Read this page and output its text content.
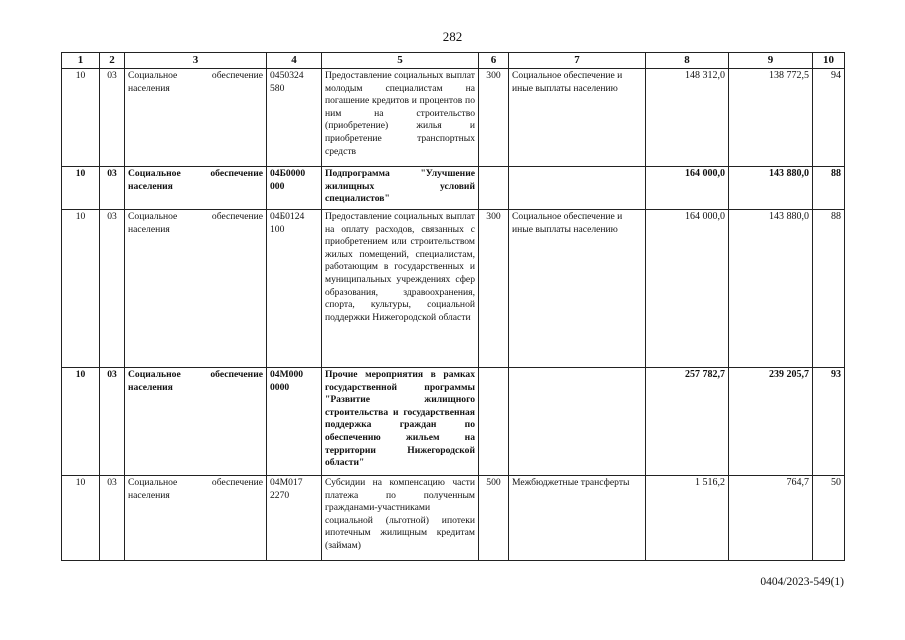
282
1	2	3	4	5	6	7	8	9	10
10	03	Социальное обеспечение населения	0450324 580	Предоставление социальных выплат молодым специалистам на погашение кредитов и процентов по ним на строительство (приобретение) жилья и приобретение транспортных средств	300	Социальное обеспечение и иные выплаты населению	148 312,0	138 772,5	94
10	03	Социальное обеспечение населения	04Б0000 000	Подпрограмма "Улучшение жилищных условий специалистов"			164 000,0	143 880,0	88
10	03	Социальное обеспечение населения	04Б0124 100	Предоставление социальных выплат на оплату расходов, связанных с приобретением или строительством жилых помещений, специалистам, работающим в государственных и муниципальных учреждениях сфер образования, здравоохранения, спорта, культуры, социальной поддержки Нижегородской области	300	Социальное обеспечение и иные выплаты населению	164 000,0	143 880,0	88
10	03	Социальное обеспечение населения	04М000 0000	Прочие мероприятия в рамках государственной программы "Развитие жилищного строительства и государственная поддержка граждан по обеспечению жильем на территории Нижегородской области"			257 782,7	239 205,7	93
10	03	Социальное обеспечение населения	04М017 2270	Субсидии на компенсацию части платежа по полученным гражданами-участниками социальной (льготной) ипотеки ипотечным жилищным кредитам (займам)	500	Межбюджетные трансферты	1 516,2	764,7	50
0404/2023-549(1)
